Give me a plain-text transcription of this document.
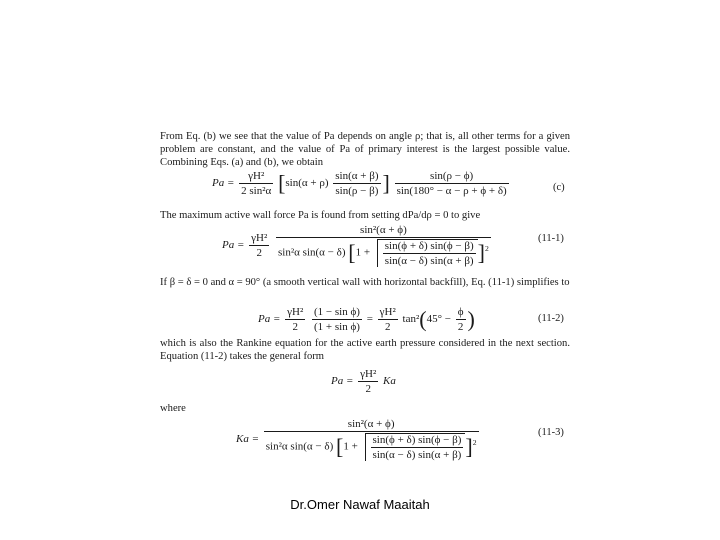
From Eq. (b) we see that the value of Pa depends on angle ρ; that is, all other terms for a given problem are constant, and the value of Pa of primary interest is the largest possible value. Combining Eqs. (a) and (b), we obtain
$Pa = \frac{\text{γH²}}{\text{2 sin²α}} [\sin(\alpha + \rho) \frac{\sin(\alpha + \beta)}{\sin(\rho - \beta)}$ ] $\frac{\sin(\rho - \phi)}{\sin(180^\circ - \alpha - \rho + \phi + \delta)}$	(c)
The maximum active wall force Pa is found from setting dPa/dρ = 0 to give
$Pa = \frac{\text{γH²}}{2}$

sin²(α + ϕ)
sin²α sin(α − δ) $[1 + \frac{\sin(\phi + \delta) \sin(\phi - \beta)}{\sin(\alpha - \delta) \sin(\alpha + \beta)} ]^2$
(11-1)
If β = δ = 0 and α = 90° (a smooth vertical wall with horizontal backfill), Eq. (11-1) simplifies to
$Pa = \frac{\text{γH²}}{2}$
$\frac{\text{(1 − sin ϕ)}}{\text{(1 + sin ϕ)}} = \frac{\text{γH²}}{2} \tan^2(45^\circ - \frac{\phi}{2}$ )	(11-2)
which is also the Rankine equation for the active earth pressure considered in the next section. Equation (11-2) takes the general form
$Pa = \frac{\text{γH²}}{2}$ Ka
where
Ka =
sin²(α + ϕ)
sin²α sin(α − δ) $[1 + \frac{\sin(\phi + \delta) \sin(\phi - \beta)}{\sin(\alpha - \delta) \sin(\alpha + \beta)} ]^2$
(11-3)
Dr.Omer Nawaf Maaitah
